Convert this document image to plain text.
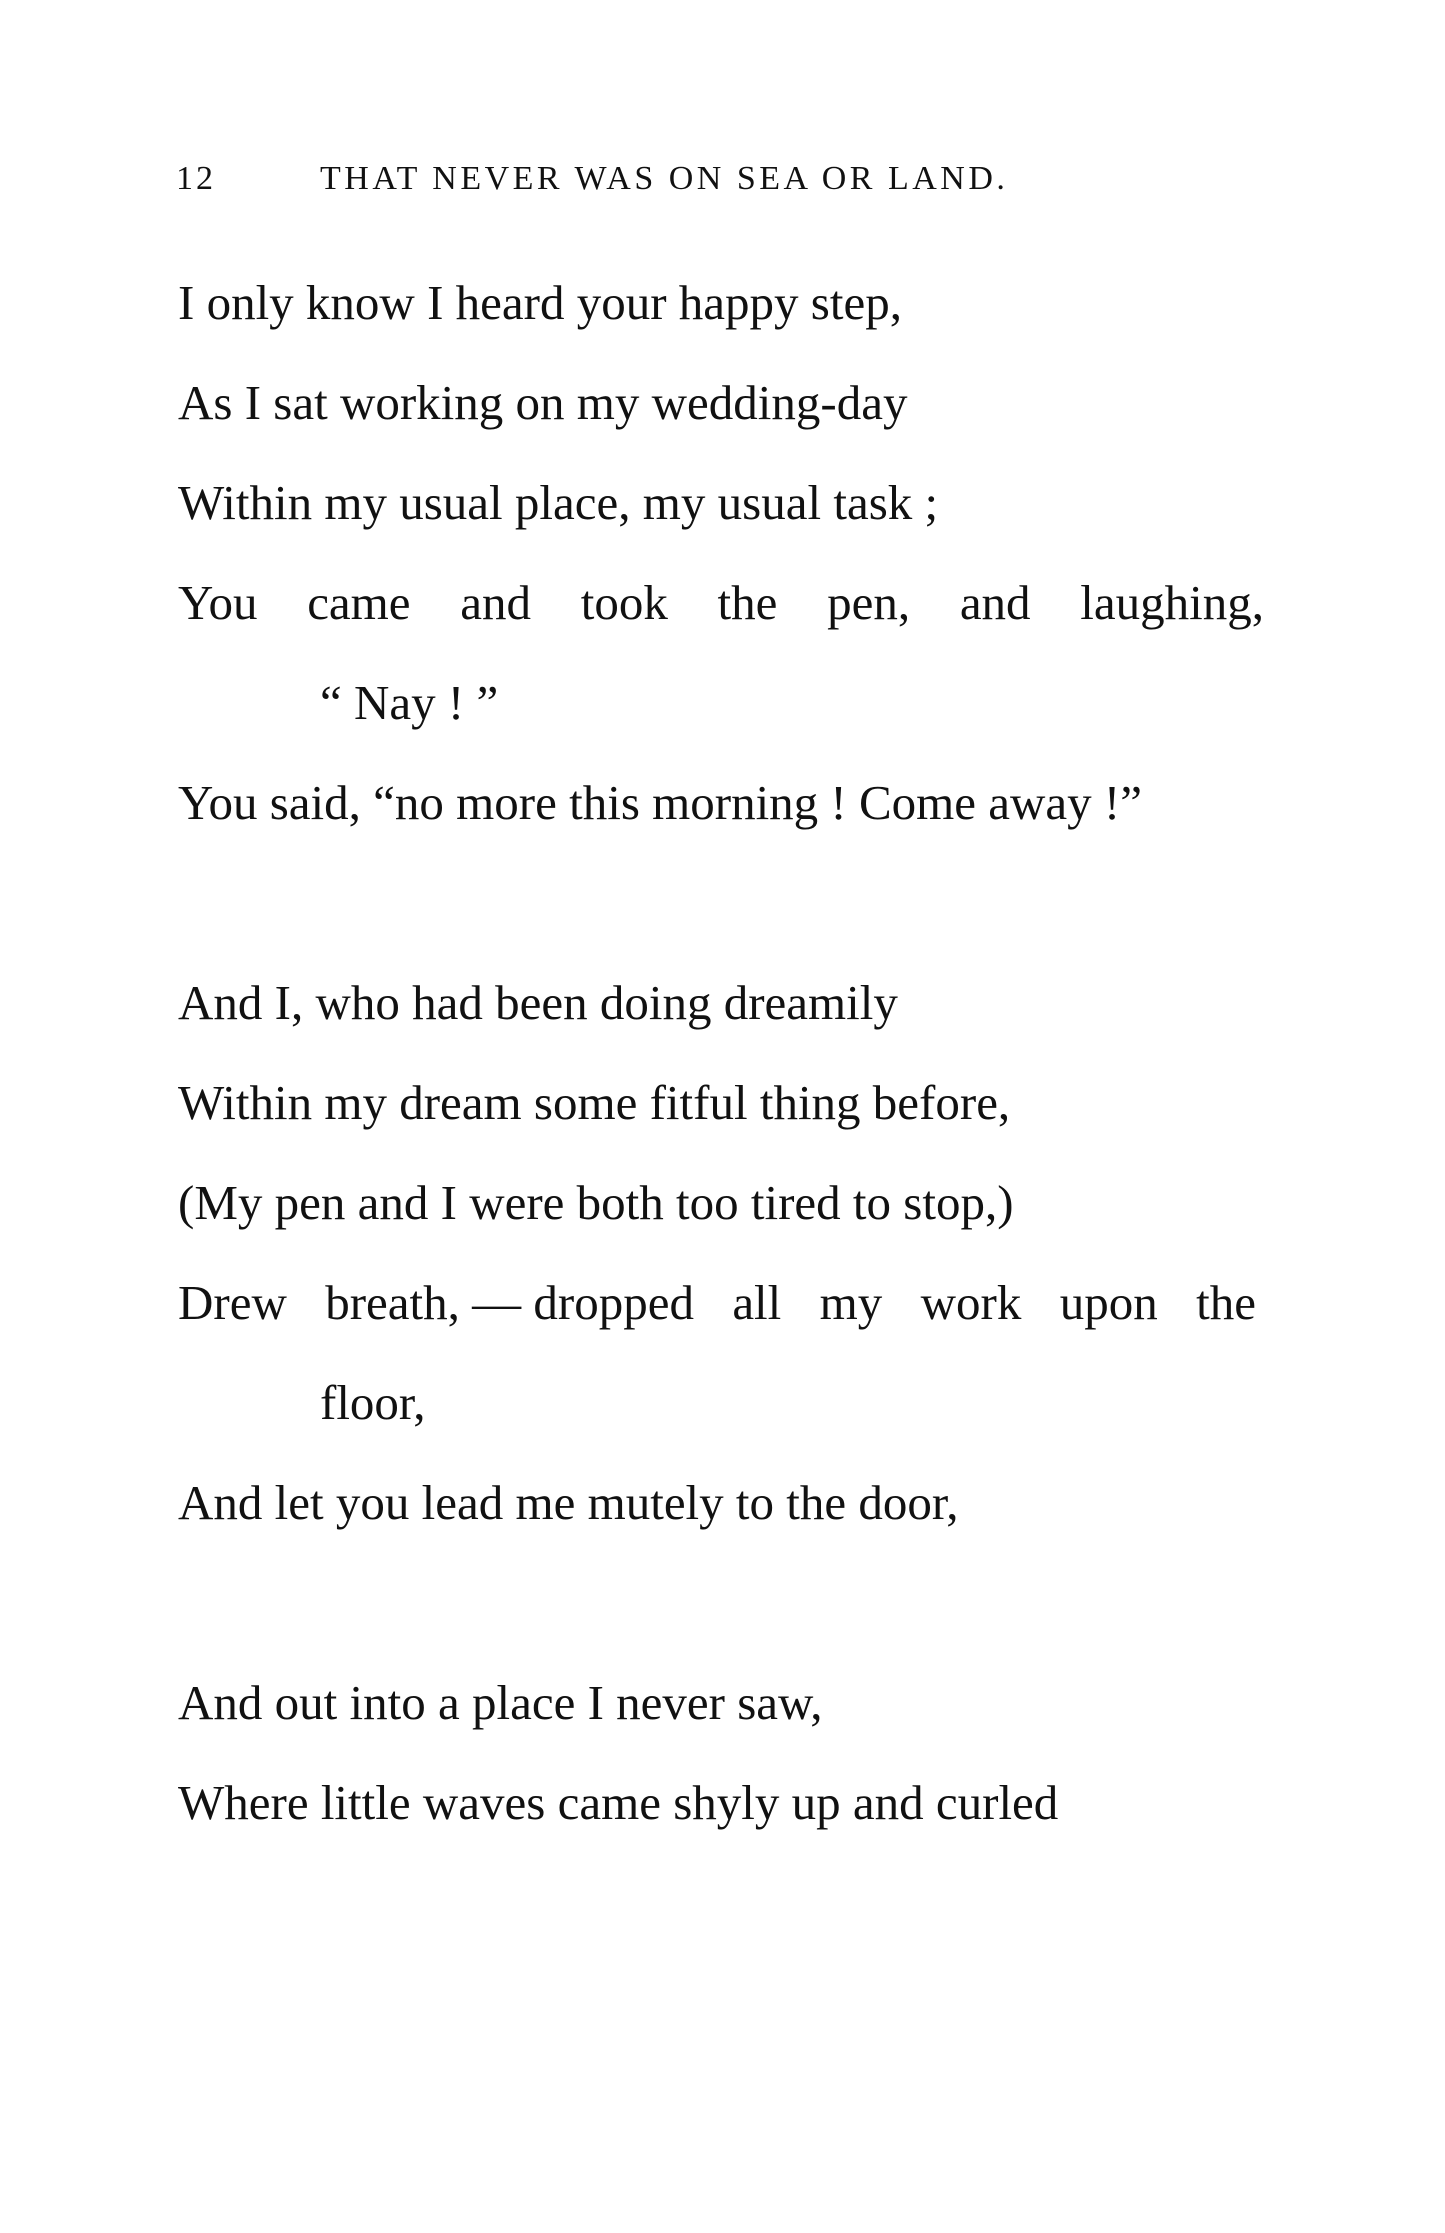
12	THAT NEVER WAS ON SEA OR LAND.
I only know I heard your happy step,
As I sat working on my wedding-day
Within my usual place, my usual task ;
You came and took the pen, and laughing,
“ Nay ! ”
You said, “no more this morning ! Come away !”
And I, who had been doing dreamily
Within my dream some fitful thing before,
(My pen and I were both too tired to stop,)
Drew breath, — dropped all my work upon the
floor,
And let you lead me mutely to the door,
And out into a place I never saw,
Where little waves came shyly up and curled
